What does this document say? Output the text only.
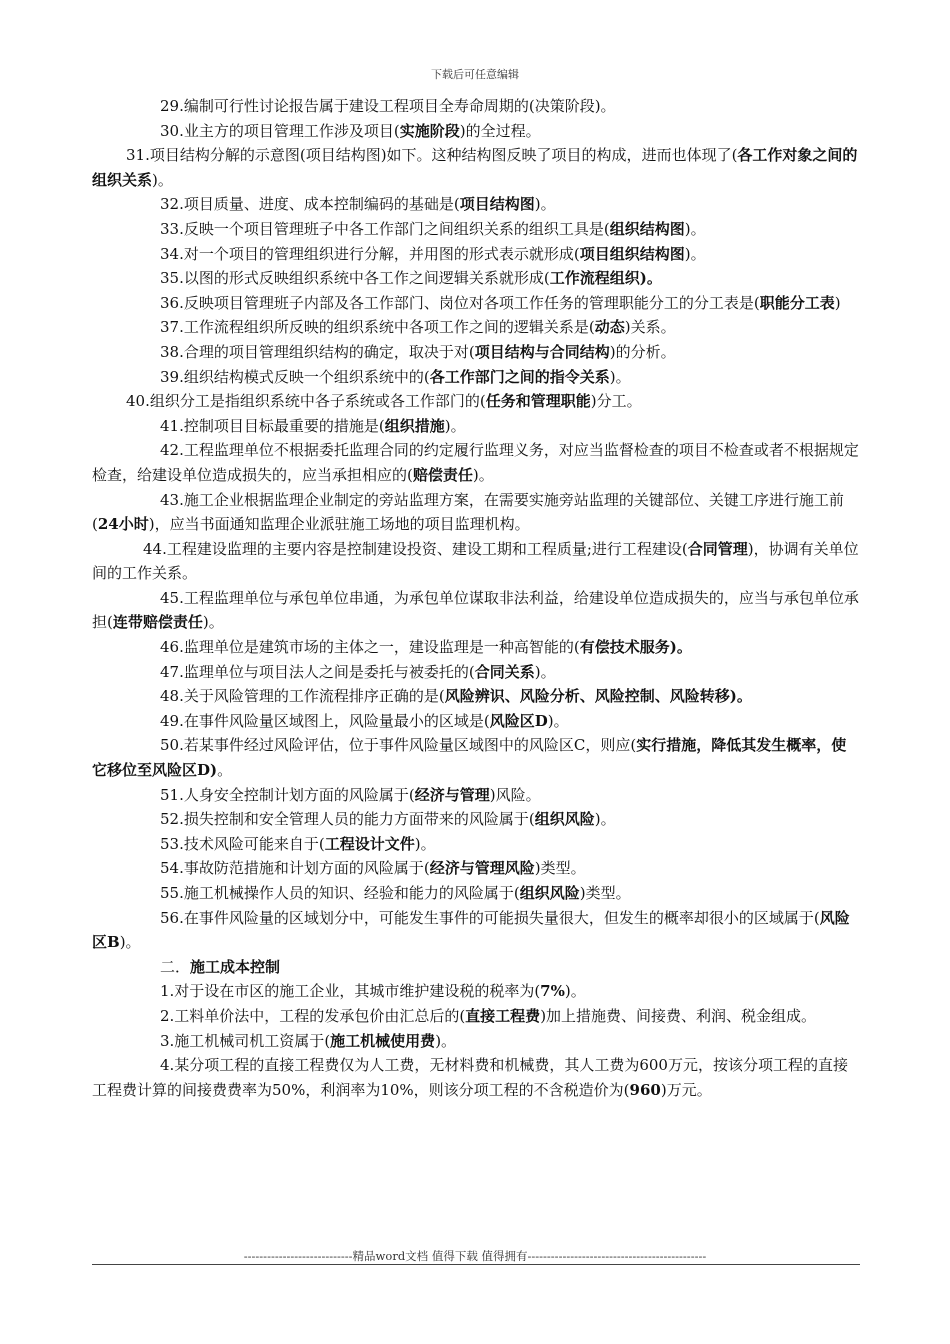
下载后可任意编辑

29.编制可行性讨论报告属于建设工程项目全寿命周期的(决策阶段)。

30.业主方的项目管理工作涉及项目(实施阶段)的全过程。

31.项目结构分解的示意图(项目结构图)如下。这种结构图反映了项目的构成，进而也体现了(各工作对象之间的组织关系)。

32.项目质量、进度、成本控制编码的基础是(项目结构图)。

33.反映一个项目管理班子中各工作部门之间组织关系的组织工具是(组织结构图)。

34.对一个项目的管理组织进行分解，并用图的形式表示就形成(项目组织结构图)。

35.以图的形式反映组织系统中各工作之间逻辑关系就形成(工作流程组织)。

36.反映项目管理班子内部及各工作部门、岗位对各项工作任务的管理职能分工的分工表是(职能分工表)

37.工作流程组织所反映的组织系统中各项工作之间的逻辑关系是(动态)关系。

38.合理的项目管理组织结构的确定，取决于对(项目结构与合同结构)的分析。

39.组织结构模式反映一个组织系统中的(各工作部门之间的指令关系)。

40.组织分工是指组织系统中各子系统或各工作部门的(任务和管理职能)分工。

41.控制项目目标最重要的措施是(组织措施)。

42.工程监理单位不根据委托监理合同的约定履行监理义务，对应当监督检查的项目不检查或者不根据规定检查，给建设单位造成损失的，应当承担相应的(赔偿责任)。

43.施工企业根据监理企业制定的旁站监理方案，在需要实施旁站监理的关键部位、关键工序进行施工前(24小时)，应当书面通知监理企业派驻施工场地的项目监理机构。

44.工程建设监理的主要内容是控制建设投资、建设工期和工程质量;进行工程建设(合同管理)，协调有关单位间的工作关系。

45.工程监理单位与承包单位串通，为承包单位谋取非法利益，给建设单位造成损失的，应当与承包单位承担(连带赔偿责任)。

46.监理单位是建筑市场的主体之一，建设监理是一种高智能的(有偿技术服务)。

47.监理单位与项目法人之间是委托与被委托的(合同关系)。

48.关于风险管理的工作流程排序正确的是(风险辨识、风险分析、风险控制、风险转移)。

49.在事件风险量区域图上，风险量最小的区域是(风险区D)。

50.若某事件经过风险评估，位于事件风险量区域图中的风险区C，则应(实行措施，降低其发生概率，使它移位至风险区D)。

51.人身安全控制计划方面的风险属于(经济与管理)风险。

52.损失控制和安全管理人员的能力方面带来的风险属于(组织风险)。

53.技术风险可能来自于(工程设计文件)。

54.事故防范措施和计划方面的风险属于(经济与管理风险)类型。

55.施工机械操作人员的知识、经验和能力的风险属于(组织风险)类型。

56.在事件风险量的区域划分中，可能发生事件的可能损失量很大，但发生的概率却很小的区域属于(风险区B)。

二．施工成本控制

1.对于设在市区的施工企业，其城市维护建设税的税率为(7%)。

2.工料单价法中，工程的发承包价由汇总后的(直接工程费)加上措施费、间接费、利润、税金组成。

3.施工机械司机工资属于(施工机械使用费)。

4.某分项工程的直接工程费仅为人工费，无材料费和机械费，其人工费为600万元，按该分项工程的直接工程费计算的间接费费率为50%，利润率为10%，则该分项工程的不含税造价为(960)万元。

----------------------------精品word文档 值得下载 值得拥有----------------------------------------------
